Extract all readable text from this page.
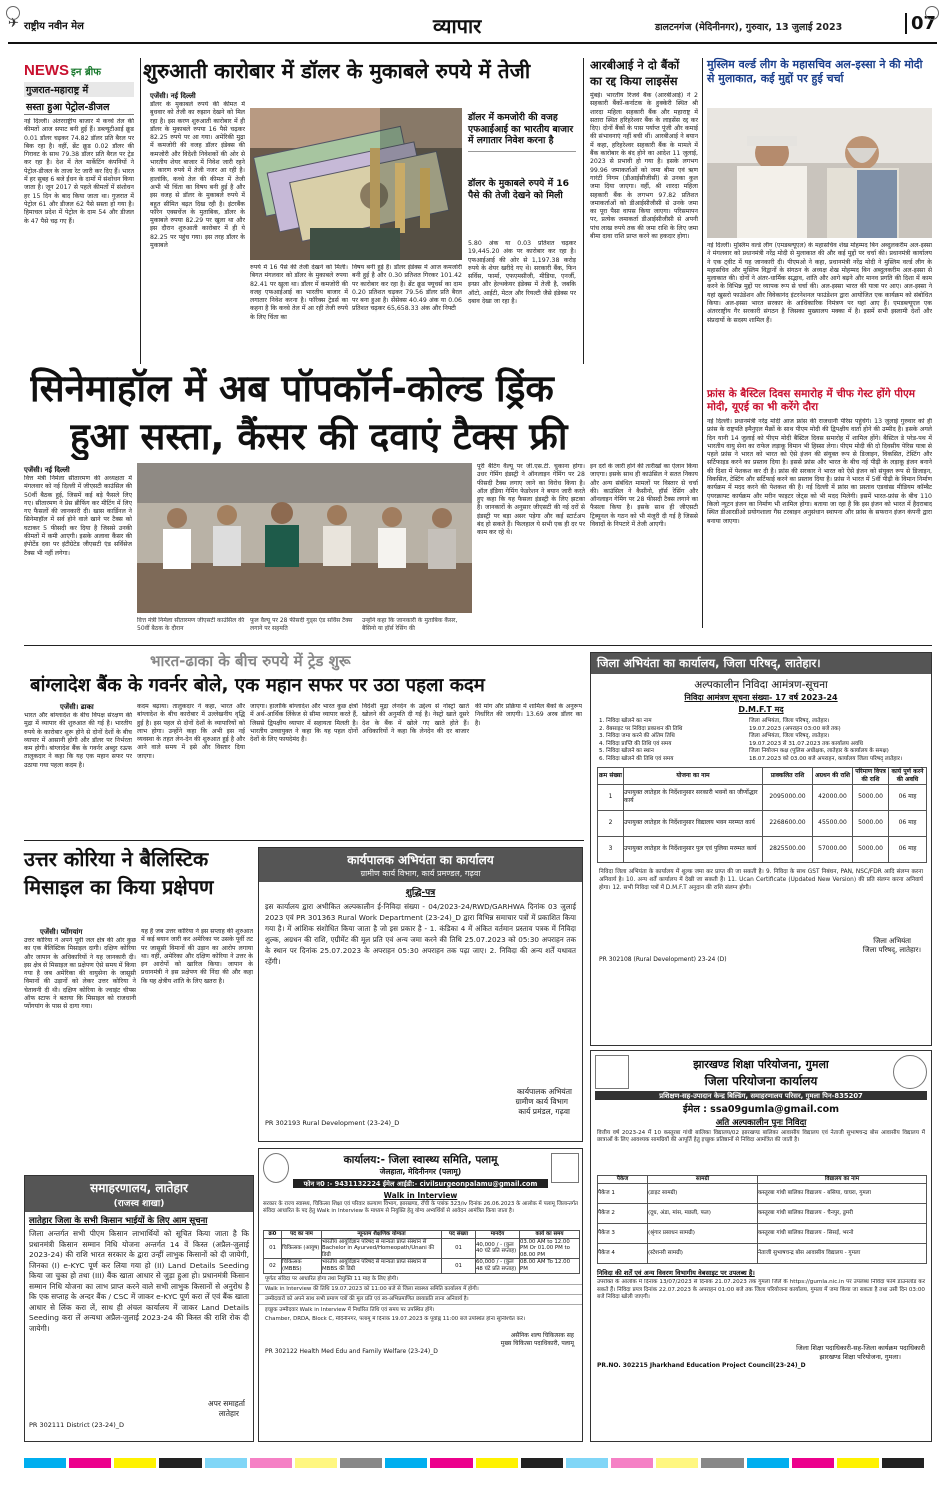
✈ राष्ट्रीय नवीन मेल	व्यापार	डालटनगंज (मेदिनीनगर), गुरुवार, 13 जुलाई 2023	07
NEWS इन ब्रीफ
गुजरात-महाराष्ट्र में
सस्ता हुआ पेट्रोल-डीजल
नई दिल्ली। अंतरराष्ट्रीय बाजार में कच्चे तेल की कीमतों आज सपाट बनी हुई हैं। डब्ल्यूटीआई क्रूड 0.01 डॉलर चढ़कर 74.82 डॉलर प्रति बैरल पर बिक रहा है। वहीं, ब्रेंट क्रूड 0.02 डॉलर की गिरावट के साथ 79.38 डॉलर प्रति बैरल पर ट्रेड कर रहा है। देश में तेल मार्केटिंग कंपनियों ने पेट्रोल-डीजल के ताजा रेट जारी कर दिए हैं। भारत में हर सुबह 6 बजे ईंधन के दामों में संशोधन किया जाता है। जून 2017 से पहले कीमतों में संशोधन हर 15 दिन के बाद किया जाता था। गुजरात में पेट्रोल 61 और डीजल 62 पैसे सस्ता हो गया है। हिमाचल प्रदेश में पेट्रोल के दाम 54 और डीजल के 47 पैसे चढ़ गए हैं।
शुरुआती कारोबार में डॉलर के मुकाबले रुपये में तेजी
एजेंसी। नई दिल्ली
डॉलर के मुकाबले रुपये की कीमत में बुधवार को तेजी का रुझान देखने को मिल रहा है। इस करण शुरुआती कारोबार में ही डॉलर के मुकाबले रुपया 16 पैसे चढ़कर 82.25 रुपये पर आ गया। अमेरिकी मुद्रा में कमजोरी की वजह डॉलर इंडेक्स की कमजोरी और विदेशी निवेशकों की ओर से भारतीय शेयर बाजार में निवेश जारी रहने के कारण रुपये में तेजी नजर आ रही है। हालांकि, कच्चे तेल की कीमत में तेजी अभी भी चिंता का विषय बनी हुई है और इस वजह से डॉलर के मुकाबले रुपये में बहुत सीमित बढ़त दिख रही है। इंटरबैंक फॉरेन एक्सचेंज के मुताबिक, डॉलर के मुकाबले रुपया 82.29 पर खुला था और इस दौरान शुरुआती कारोबार में ही ये 82.25 पर पहुंच गया। इस तरह डॉलर के मुकाबले
रुपये में 16 पैसे की तेजी देखने को मिली। बिगत मंगलवार को डॉलर के मुकाबले रुपया 82.41 पर खुला था। डॉलर में कमजोरी की वजह एफआईआई का भारतीय बाजार में लगातार निवेश करना है। फॉरेक्स ट्रेडर्स का कहना है कि कच्चे तेल में आ रही तेजी रुपये के लिए चिंता का
विषय बनी हुई है। डॉलर इंडेक्स में आज कमजोरी बनी हुई है और 0.30 प्रतिशत गिरकर 101.42 पर कारोबार कर रहा है। ब्रेंट क्रूड फ्यूचर्स का दाम 0.20 प्रतिशत चढ़कर 79.56 डॉलर प्रति बैरल पर बना हुआ है। सेंसेक्स 40.49 अंक या 0.06 प्रतिशत चढ़कर 65,658.33 अंक और निफ्टी
डॉलर में कमजोरी की वजह एफआईआई का भारतीय बाजार में लगातार निवेश करना है
डॉलर के मुकाबले रुपये में 16 पैसे की तेजी देखने को मिली
5.80 अंक या 0.03 प्रतिशत चढ़कर 19,445.20 अंक पर कारोबार कर रहा है। एफआईआई की ओर से 1,197.38 करोड़ रुपये के शेयर खरीदे गए थे। सरकारी बैंक, फिन सर्विस, फार्मा, एफएमसीजी, मीडिया, एनर्जी, इन्फ्रा और हेल्थकेयर इंडेक्स में तेजी है, जबकि ऑटो, आईटी, मेटल और रियल्टी जैसे इंडेक्स पर दबाव देखा जा रहा है।
आरबीआई ने दो बैंकों
का रद्द किया लाइसेंस
मुंबई। भारतीय रिजर्व बैंक (आरबीआई) ने 2 सहकारी बैंकों-कर्नाटक के हुक्केरी स्थित श्री शारदा महिला सहकारी बैंक और महाराष्ट्र में सतारा स्थित हरिहरेश्वर बैंक के लाइसेंस रद्द कर दिए। दोनों बैंकों के पास पर्याप्त पूंजी और कमाई की संभावनाएं नहीं बची थीं। आरबीआई ने बयान में कहा, हरिहरेश्वर सहकारी बैंक के मामले में बैंक कारोबार के बंद होने का आदेश 11 जुलाई, 2023 से प्रभावी हो गया है। इसके लगभग 99.96 जमाकर्ताओं को जमा बीमा एवं ऋण गारंटी निगम (डीआईसीजीसी) से उनका कुल जमा दिया जाएगा। वहीं, श्री शारदा महिला सहकारी बैंक के लगभग 97.82 प्रतिशत जमाकर्ताओं को डीआईसीजीसी से उनके जमा का पूरा पैसा वापस किया जाएगा। परिसमापन पर, प्रत्येक जमाकर्ता डीआईसीजीसी से अपनी पांच लाख रुपये तक की जमा राशि के लिए जमा बीमा दावा राशि प्राप्त करने का हकदार होगा।
मुस्लिम वर्ल्ड लीग के महासचिव अल-इस्सा ने की मोदी से मुलाकात, कई मुद्दों पर हुई चर्चा
नई दिल्ली। मुस्लिम वर्ल्ड लीग (एमडब्ल्यूएल) के महासचिव शेख मोहम्मद बिन अब्दुलकरीम अल-इस्सा ने मंगलवार को प्रधानमंत्री नरेंद्र मोदी से मुलाकात की और कई मुद्दों पर चर्चा की। प्रधानमंत्री कार्यालय ने एक ट्वीट में यह जानकारी दी। पीएमओ ने कहा, प्रधानमंत्री नरेंद्र मोदी ने मुस्लिम वर्ल्ड लीग के महासचिव और मुस्लिम विद्वानों के संगठन के अध्यक्ष शेख मोहम्मद बिन अब्दुलकरीम अल-इस्सा से मुलाकात की। दोनों ने अंतर-धार्मिक सद्भाव, शांति और आगे बढ़ने और मानव प्रगति की दिशा में काम करने के विभिन्न मुद्दों पर व्यापक रूप से चर्चा की। अल-इस्सा भारत की यात्रा पर आए। अल-इस्सा ने यहां खुसरो फाउंडेशन और विवेकानंद इंटरनेशनल फाउंडेशन द्वारा आयोजित एक कार्यक्रम को संबोधित किया। अल-इस्सा भारत सरकार के आधिकारिक निमंत्रण पर यहां आए हैं। एमडब्ल्यूएल एक अंतरराष्ट्रीय गैर सरकारी संगठन है जिसका मुख्यालय मक्का में है। इसमें सभी इस्लामी देशों और संप्रदायों के सदस्य शामिल हैं।
फ्रांस के बैस्टिल दिवस समारोह में चीफ गेस्ट होंगे पीएम मोदी, यूएई का भी करेंगे दौरा
नई दिल्ली। प्रधानमंत्री नरेंद्र मोदी आज फ्रांस की राजधानी पेरिस पहुंचेंगे। 13 जुलाई गुरुवार को ही फ्रांस के राष्ट्रपति इमैनुएल मैक्रों के साथ पीएम मोदी की द्विपक्षीय वार्ता होने की उम्मीद है। इसके अगले दिन यानी 14 जुलाई को पीएम मोदी बैस्टिल दिवस समारोह में शामिल होंगे। बैस्टिल डे परेड-पथ में भारतीय वायु सेना का राफेल लड़ाकू विमान भी हिस्सा लेगा। पीएम मोदी की दो दिवसीय पेरिस यात्रा से पहले फ्रांस ने भारत को भारत को ऐसे इंजन की संयुक्त रूप से डिजाइन, विकसित, टेस्टिंग और सर्टिफाइड करने का प्रस्ताव दिया है। इससे फ्रांस और भारत के बीच नई पीढ़ी के लड़ाकू इंजन बनाने की दिशा में पेशकश कर दी है। फ्रांस की सरकार ने भारत को ऐसे इंजन को संयुक्त रूप से डिजाइन, विकसित, टेस्टिंग और सर्टिफाई करने का प्रस्ताव दिया है। फ्रांस ने भारत में 5वीं पीढ़ी के विमान निर्माण कार्यक्रम में मदद करने की पेशकश की है। नई दिल्ली में फ्रांस का प्रस्ताव एडवांस्ड मीडियम कॉम्बैट एयरक्राफ्ट कार्यक्रम और मरीन फाइटर जेट्स को भी मदद मिलेगी। इसमें भारत-फ्रांस के बीच 110 किलो न्यूटन इंजन का निर्माण भी शामिल होगा। बताया जा रहा है कि इस इंजन को भारत में हैदराबाद स्थित डीआरडीओ प्रयोगशाला गैस टरबाइन अनुसंधान स्थापना और फ्रांस के सफरान इंजन कंपनी द्वारा बनाया जाएगा।
सिनेमाहॉल में अब पॉपकॉर्न-कोल्ड ड्रिंक
हुआ सस्ता, कैंसर की दवाएं टैक्स फ्री
एजेंसी। नई दिल्ली
वित्त मंत्री निर्मला सीतारमण की अध्यक्षता में मंगलवार को नई दिल्ली में जीएसटी काउंसिल की 50वीं बैठक हुई, जिसमें कई बड़े फैसले लिए गए। सीतारमण ने प्रेस ब्रीफिंग कर मीटिंग में लिए गए फैसलों की जानकारी दी। खास कार्डिनल ने सिनेमाहॉल में सर्व होने वाले खाने पर टैक्स को घटाकर 5 फीसदी कर दिया है जिससे उनकी कीमतों में कमी आएगी। इसके अलावा कैंसर की इंपोर्टेड दवा पर इंटीग्रेटेड जीएसटी एंड सर्विसेज टैक्स भी नहीं लगेगा।
वित्त मंत्री निर्मला सीतारमण जीएसटी काउंसिल की 50वीं बैठक के दौरान
फूल वैल्यू पर 28 फीसदी गुड्स एंड सर्विस टैक्स लगाने पर सहमति
उन्होंने कहा कि जानकारी के मुताबिक कैंसर, बैसिनो या हॉर्स रेसिंग की
पूरी बैटिंग वैल्यू पर जी.एस.टी. चुकाना होगा। उधर गेमिंग इंडस्ट्री ने ऑनलाइन गेमिंग पर 28 फीसदी टैक्स लगाए जाने का विरोध किया है। ऑल इंडिया गेमिंग फेडरेशन ने बयान जारी करते हुए कहा कि यह फैसला इंडस्ट्री के लिए झटका है। जानकारों के अनुसार जीएसटी की नई दरों से इंडस्ट्री पर बड़ा असर पड़ेगा और कई स्टार्टअप बंद हो सकते हैं। फिलहाल ये सभी एक ही दर पर काम कर रहे थे।
इन दरों के जारी होने की तारीखों का ऐलान किया जाएगा। इसके साथ ही काउंसिल ने सतत निकाय और अन्य संबंधित मामलों पर विस्तार से चर्चा की। काउंसिल ने कैसीनो, हॉर्स रेसिंग और ऑनलाइन गेमिंग पर 28 फीसदी टैक्स लगाने का फैसला किया है। इसके साथ ही जीएसटी ट्रिब्यूनल के गठन को भी मंजूरी दी गई है जिससे विवादों के निपटारे में तेजी आएगी।
भारत-ढाका के बीच रुपये में ट्रेड शुरू
बांग्लादेश बैंक के गवर्नर बोले, एक महान सफर पर उठा पहला कदम
एजेंसी। ढाका
भारत और बांग्लादेश के बीच विपक्ष संरक्षण की मुद्रा में व्यापार की शुरुआत की गई है। भारतीय रुपये के कारोबार शुरू होने से दोनों देशों के बीच व्यापार में आसानी होगी और डॉलर पर निर्भरता कम होगी। बांग्लादेश बैंक के गवर्नर अब्दुर रऊफ तालुकदार ने कहा कि यह एक महान सफर पर उठाया गया पहला कदम है।
कदम बढ़ाया। तालुकदार ने कहा, भारत और बांग्लादेश के बीच कारोबार में उल्लेखनीय वृद्धि हुई है। इस पहल से दोनों देशों के व्यापारियों को लाभ होगा। उन्होंने कहा कि अभी इस नई व्यवस्था के तहत लेन-देन की शुरुआत हुई है और आने वाले समय में इसे और विस्तार दिया जाएगा।
जाएगा। हालांकि बांग्लादेश और भारत कुछ क्षेत्रों में अर्थ-आर्थिक लिंकेज से सीमा व्यापार करते हैं, जिससे द्विपक्षीय व्यापार में सहायता मिलती है। भारतीय उच्चायुक्त ने कहा कि यह पहल दोनों देशों के लिए फायदेमंद है।
विदेशी मुद्रा लेनदेन के उद्देश्य से नोस्ट्रो खाते खोलने की अनुमति दी गई है। नेस्ट्रो खाते दूसरे देश के बैंक में खोले गए खाते होते हैं। अधिकारियों ने कहा कि लेनदेन की दर बाजार की मांग और प्रक्रिया में शामिल बैंकों के अनुरूप निर्धारित की जाएगी। 13.69 अरब डॉलर का है।
उत्तर कोरिया ने बैलिस्टिक
मिसाइल का किया प्रक्षेपण
एजेंसी। प्योंगयांग
उत्तर कोरिया ने अपने पूर्वी जल क्षेत्र की ओर कुछ का एक बैलिस्टिक मिसाइल दागी। दक्षिण कोरिया और जापान के अधिकारियों ने यह जानकारी दी। इस क्षेत्र से मिसाइल का प्रक्षेपण ऐसे समय में किया गया है जब अमेरिका की वायुसेना के जासूसी विमानों की उड़ानों को लेकर उत्तर कोरिया ने चेतावनी दी थी। दक्षिण कोरिया के ज्वाइंट चीफ्स ऑफ स्टाफ ने बताया कि मिसाइल को राजधानी प्योंगयांग के पास से दागा गया।
यह है जब उत्तर कोरिया ने इस सप्ताह की शुरुआत में कई बयान जारी कर अमेरिका पर उसके पूर्वी तट पर जासूसी विमानों की उड़ान का आरोप लगाया था। वहीं, अमेरिका और दक्षिण कोरिया ने उत्तर के इन आरोपों को खारिज किया। जापान के प्रधानमंत्री ने इस प्रक्षेपण की निंदा की और कहा कि यह क्षेत्रीय शांति के लिए खतरा है।
समाहरणालय, लातेहार
(राजस्व शाखा)
लातेहार जिला के सभी किसान भाईयों के लिए आम सूचना
जिला अन्तर्गत सभी पीएम किसान लाभार्थियों को सूचित किया जाता है कि प्रधानमंत्री किसान सम्मान निधि योजना अन्तर्गत 14 वें किस्त (अप्रैल-जुलाई 2023-24) की राशि भारत सरकार के द्वारा उन्हीं लाभुक किसानों को दी जायेगी, जिनका (I) e-KYC पूर्ण कर लिया गया हो (II) Land Details Seeding किया जा चुका हो तथा (III) बैंक खाता आधार से जुड़ा हुआ हो। प्रधानमंत्री किसान सम्मान निधि योजना का लाभ प्राप्त करने वाले सभी लाभुक किसानों से अनुरोध है कि एक सप्ताह के अन्दर बैंक / CSC में जाकर e-KYC पूर्ण करा लें एवं बैंक खाता आधार से लिंक करा लें, साथ ही अंचल कार्यालय में जाकर Land Details Seeding करा लें अन्यथा अप्रैल-जुलाई 2023-24 की किस्त की राशि रोक दी जायेगी।
अपर समाहर्ता
लातेहार
PR 302111 District (23-24)_D
कार्यपालक अभियंता का कार्यालय
ग्रामीण कार्य विभाग, कार्य प्रमण्डल, गढ़वा
शुद्धि-पत्र
इस कार्यालय द्वारा अभीकित अल्पकालीन ई-निविदा संख्या - 04/2023-24/RWD/GARHWA दिनांक 03 जुलाई 2023 एवं PR 301363 Rural Work Department (23-24)_D द्वारा विभिन्न समाचार पत्रों में प्रकाशित किया गया है। में आंशिक संशोधित किया जाता है जो इस प्रकार है - 1. कंडिका 4 में अंकित वर्तमान प्रस्ताव पत्रक में निविदा शुल्क, अग्रधन की राशि, एग्रीमेंट की मूल प्रति एवं अन्य जमा करने की तिथि 25.07.2023 को 05:30 अपराहन तक के स्थान पर दिनांक 25.07.2023 के अपराहन 05:30 अपराहन तक पढ़ा जाए। 2. निविदा की अन्य शर्तें यथावत रहेंगी।
कार्यपालक अभियंता
ग्रामीण कार्य विभाग
कार्य प्रमंडल, गढ़वा
PR 302193 Rural Development (23-24)_D
कार्यालय:- जिला स्वास्थ्य समिति, पलामू
जेलहाता, मेदिनीनगर (पलामू)
फोन न0 :- 9431132224 ईमेल आईडी:- civilsurgeonpalamu@gmail.com
Walk in Interview
सरकार के राज्य स्वास्थ्य, चिकित्सा शिक्षा एवं परिवार कल्याण विभाग, झारखण्ड, राँची के पत्रांक 323/iv दिनांक 26.06.2023 के आलोक में पलामू जिलान्तर्गत संविदा आधारित के पद हेतु Walk in Interview के माध्यम से नियुक्ति हेतु योग्य अभ्यर्थियों से आवेदन आमंत्रित किया जाता है।
क्र0	पद का नाम	न्यूनतम शैक्षणिक योग्यता	पद संख्या	मानदेय	कार्य का समय
01	चिकित्सक (आयुष)	भारतीय आयुर्विज्ञान परिषद से मान्यता प्राप्त संस्थान से Bachelor in Ayurved/Homeopath/Unani की डिग्री	01	40,000 / - (कुल 40 घंटे प्रति सप्ताह)	03.00 AM to 12.00 PM Or 01.00 PM to 08.00 PM
02	चिकित्सक (MBBS)	भारतीय आयुर्विज्ञान परिषद से मान्यता प्राप्त संस्थान से MBBS की डिग्री	01	60,000 / - (कुल 48 घंटे प्रति सप्ताह)	08.00 AM To 12.00 PM
पूर्णतः संविदा पर आधारित होगा तथा नियुक्ति 11 माह के लिए होगी।
Walk in Interview की तिथि 19.07.2023 को 11:00 बजे से जिला स्वास्थ्य समिति कार्यालय में होगी।
उम्मीदवारों को अपने साथ सभी प्रमाण पत्रों की मूल प्रति एवं स्व-अभिप्रमाणित छायाप्रति लाना अनिवार्य है।
इच्छुक उम्मीदवार Walk in Interview में निर्धारित तिथि एवं समय पर उपस्थित होंगे।
Chamber, DRDA, Block C, मेदिनीनगर, पलामू में दिनांक 19.07.2023 के पूर्वाह्न 11:00 बजे उपस्थित होना सुनिश्चित करें।
असैनिक शल्य चिकित्सक सह
मुख्य चिकित्सा पदाधिकारी, पलामू
PR 302122 Health Med Edu and Family Welfare (23-24)_D
जिला अभियंता का कार्यालय, जिला परिषद्, लातेहार।
अल्पकालीन निविदा आमंत्रण-सूचना
निविदा आमंत्रण सूचना संख्या- 17 वर्ष 2023-24
D.M.F.T मद
1. निविदा खोलने का नाम	जिला अभियंता, जिला परिषद्, लातेहार।
2. वेबसाइट पर निविदा प्रकाशन की तिथि	19.07.2023 (अपराहन 03:00 बजे तक)
3. निविदा जमा करने की अंतिम तिथि	जिला अभियंता, जिला परिषद्, लातेहार।
4. निविदा प्राप्ति की तिथि एवं समय	19.07.2023 से 31.07.2023 तक कार्यालय अवधि
5. निविदा खोलने का स्थान	जिला नियोजन कक्ष (पुलिस अधीक्षक, लातेहार के कार्यालय के समक्ष)
6. निविदा खोलने की तिथि एवं समय	18.07.2023 को 03.00 बजे अपराहन, कार्यालय जिला परिषद् लातेहार।
क्रम संख्या	योजना का नाम	प्राक्कलित राशि	अग्रधन की राशि	परिमाण विपत्र की राशि	कार्य पूर्ण करने की अवधि
1	उपायुक्त लातेहार के निर्देशानुसार सरकारी भवनों का जीर्णोद्धार कार्य	2095000.00	42000.00	5000.00	06 माह
2	उपायुक्त लातेहार के निर्देशानुसार विद्यालय भवन मरम्मत कार्य	2268600.00	45500.00	5000.00	06 माह
3	उपायुक्त लातेहार के निर्देशानुसार पुल एवं पुलिया मरम्मत कार्य	2825500.00	57000.00	5000.00	06 माह
निविदा जिला अभियंता के कार्यालय में शुल्क जमा कर प्राप्त की जा सकती है। 9. निविदा के साथ GST निबंधन, PAN, NSC/FDR आदि संलग्न करना अनिवार्य है। 10. अन्य शर्तें कार्यालय में देखी जा सकती हैं। 11. Ucan Certificate (Updated New Version) की प्रति संलग्न करना अनिवार्य होगा। 12. सभी निविदा पत्रों में D.M.F.T अनुदान की राशि संलग्न होगी।
जिला अभियंता
जिला परिषद्, लातेहार।
PR 302108 (Rural Development) 23-24 (D)
झारखण्ड शिक्षा परियोजना, गुमला
जिला परियोजना कार्यालय
प्रशिक्षण-सह-उपादान केन्द्र बिल्डिंग, समाहरणालय परिसर, गुमला पिन-835207
ईमेल : ssa09gumla@gmail.com
अति अल्पकालीन पुनः निविदा
वित्तीय वर्ष 2023-24 में 10 कस्तूरबा गांधी बालिका विद्यालय/02 झारखण्ड बालिका आवासीय विद्यालय एवं नेताजी सुभाषचन्द्र बोस आवासीय विद्यालय में छात्राओं के लिए आवश्यक सामग्रियों की आपूर्ति हेतु इच्छुक प्रतिष्ठानों से निविदा आमंत्रित की जाती है।
पैकेज	सामग्री	विद्यालय का नाम
पैकेज 1	(डाइट सामग्री)	कस्तूरबा गांधी बालिका विद्यालय - बसिया, घाघरा, गुमला
पैकेज 2	(दूध, अंडा, मांस, मछली, फल)	कस्तूरबा गांधी बालिका विद्यालय - चैनपुर, डुमरी
पैकेज 3	(श्रृंगार प्रसाधन सामग्री)	कस्तूरबा गांधी बालिका विद्यालय - सिसई, भरनो
पैकेज 4	(स्टेशनरी सामग्री)	नेताजी सुभाषचन्द्र बोस आवासीय विद्यालय - गुमला
निविदा की शर्तें एवं अन्य विवरण विभागीय वेबसाइट पर उपलब्ध है।
उपरोक्त के आलोक में दिनांक 13/07/2023 से दिनांक 21.07.2023 तक गुमला जिले के https://gumla.nic.in पर उपलब्ध निविदा फॉर्म डाउनलोड कर सकते हैं। निविदा प्रपत्र दिनांक 22.07.2023 के अपराहन 01:00 बजे तक जिला परियोजना कार्यालय, गुमला में जमा किया जा सकता है तथा उसी दिन 03:00 बजे निविदा खोली जाएगी।
जिला शिक्षा पदाधिकारी-सह-जिला कार्यक्रम पदाधिकारी
झारखण्ड शिक्षा परियोजना, गुमला।
PR.NO. 302215 Jharkhand Education Project Council(23-24)_D
